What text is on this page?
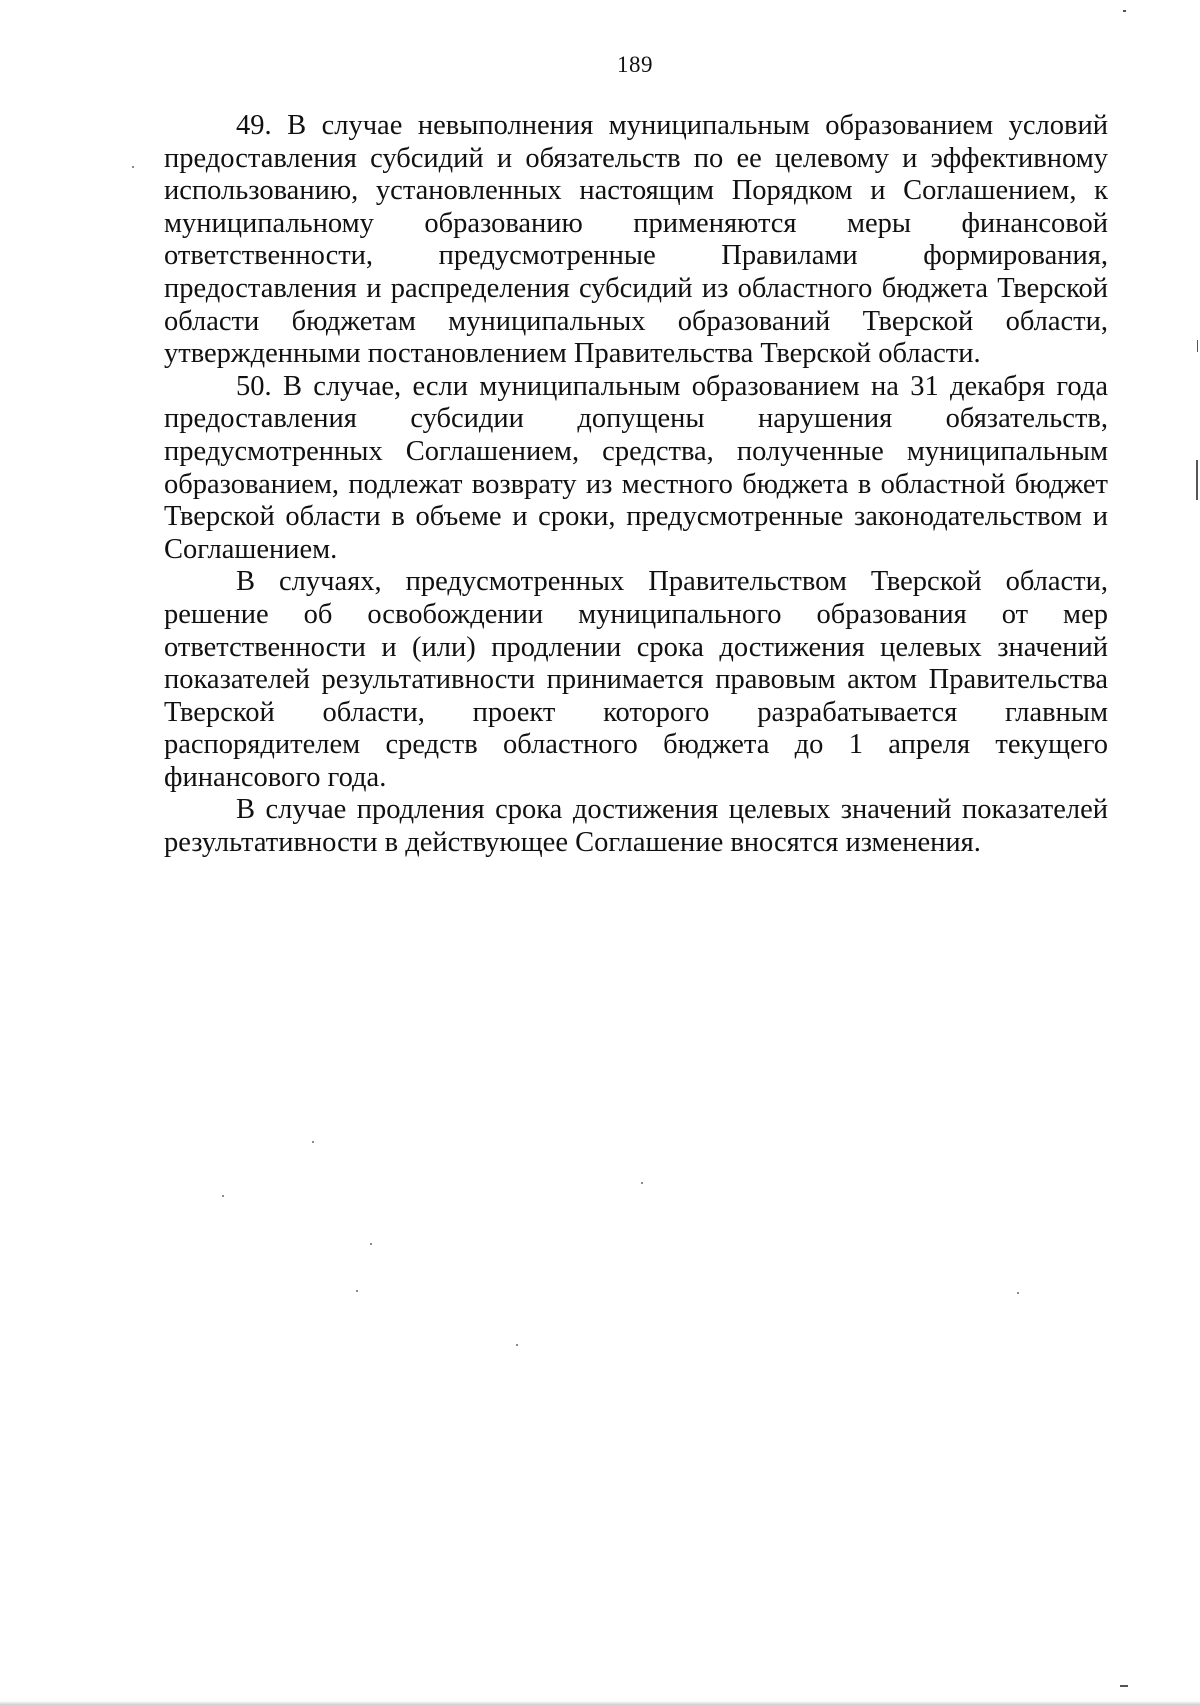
189

49. В случае невыполнения муниципальным образованием условий предоставления субсидий и обязательств по ее целевому и эффективному использованию, установленных настоящим Порядком и Соглашением, к муниципальному образованию применяются меры финансовой ответственности, предусмотренные Правилами формирования, предоставления и распределения субсидий из областного бюджета Тверской области бюджетам муниципальных образований Тверской области, утвержденными постановлением Правительства Тверской области.

50. В случае, если муниципальным образованием на 31 декабря года предоставления субсидии допущены нарушения обязательств, предусмотренных Соглашением, средства, полученные муниципальным образованием, подлежат возврату из местного бюджета в областной бюджет Тверской области в объеме и сроки, предусмотренные законодательством и Соглашением.

В случаях, предусмотренных Правительством Тверской области, решение об освобождении муниципального образования от мер ответственности и (или) продлении срока достижения целевых значений показателей результативности принимается правовым актом Правительства Тверской области, проект которого разрабатывается главным распорядителем средств областного бюджета до 1 апреля текущего финансового года.

В случае продления срока достижения целевых значений показателей результативности в действующее Соглашение вносятся изменения.
